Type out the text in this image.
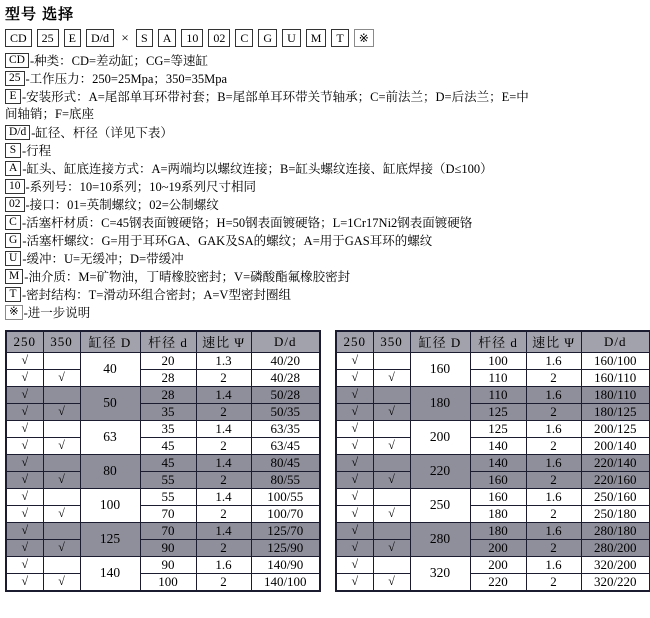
型号 选择
CD	25	E	D/d ×	S	A	10	02	C	G	U	M	T	※
CD -种类：CD=差动缸；CG=等速缸
25 -工作压力：250=25Mpa；350=35Mpa
E -安装形式：A=尾部单耳环带衬套；B=尾部单耳环带关节轴承；C=前法兰；D=后法兰；E=中
间轴销；F=底座
D/d -缸径、杆径（详见下表）
S -行程
A -缸头、缸底连接方式：A=两端均以螺纹连接；B=缸头螺纹连接、缸底焊接（D≤100）
10 -系列号：10=10系列；10~19系列尺寸相同
02 -接口：01=英制螺纹；02=公制螺纹
C -活塞杆材质：C=45钢表面镀硬铬；H=50钢表面镀硬铬；L=1Cr17Ni2钢表面镀硬铬
G -活塞杆螺纹：G=用于耳环GA、GAK及SA的螺纹；A=用于GAS耳环的螺纹
U -缓冲：U=无缓冲；D=带缓冲
M -油介质：M=矿物油，丁晴橡胶密封；V=磷酸酯氟橡胶密封
T -密封结构：T=滑动环组合密封；A=V型密封圈组
※ -进一步说明
250	350	缸径 D	杆径 d	速比 Ψ	D/d
√		40	20	1.3	40/20
√	√		28	2	40/28
√		50	28	1.4	50/28
√	√		35	2	50/35
√		63	35	1.4	63/35
√	√		45	2	63/45
√		80	45	1.4	80/45
√	√		55	2	80/55
√		100	55	1.4	100/55
√	√		70	2	100/70
√		125	70	1.4	125/70
√	√		90	2	125/90
√		140	90	1.6	140/90
√	√		100	2	140/100
250	350	缸径 D	杆径 d	速比 Ψ	D/d
√		160	100	1.6	160/100
√	√		110	2	160/110
√		180	110	1.6	180/110
√	√		125	2	180/125
√		200	125	1.6	200/125
√	√		140	2	200/140
√		220	140	1.6	220/140
√	√		160	2	220/160
√		250	160	1.6	250/160
√	√		180	2	250/180
√		280	180	1.6	280/180
√	√		200	2	280/200
√		320	200	1.6	320/200
√	√		220	2	320/220
